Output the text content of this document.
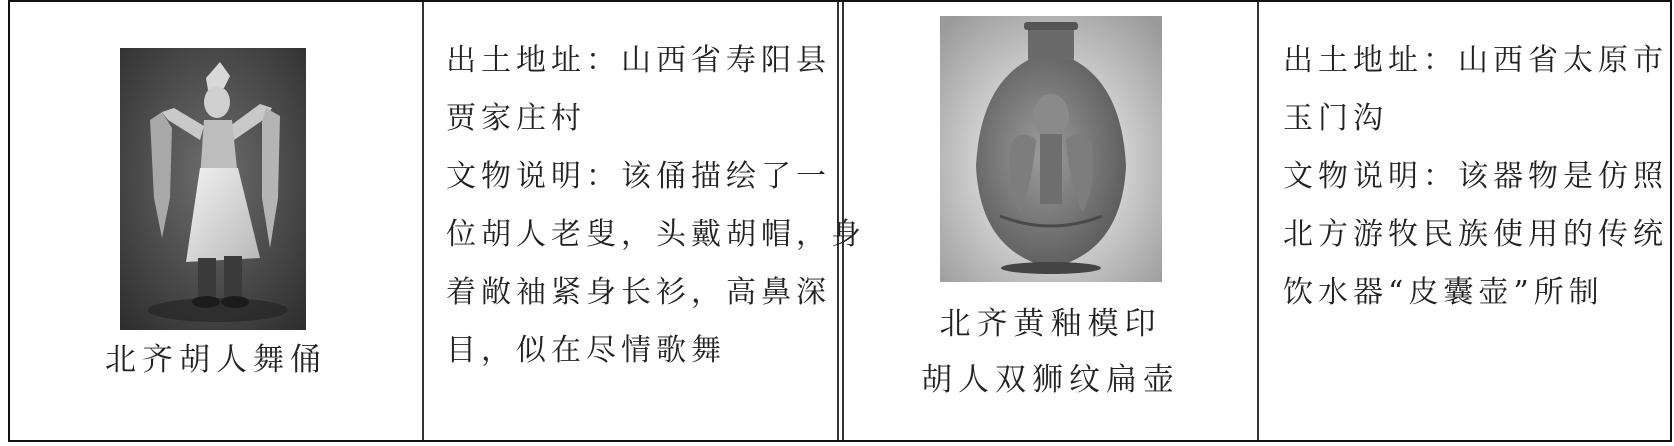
北齐胡人舞俑
出土地址：山西省寿阳县
贾家庄村
文物说明：该俑描绘了一
位胡人老叟，头戴胡帽，身
着敞袖紧身长衫，高鼻深
目，似在尽情歌舞
北齐黄釉模印
胡人双狮纹扁壶
出土地址：山西省太原市
玉门沟
文物说明：该器物是仿照
北方游牧民族使用的传统
饮水器“皮囊壶”所制
